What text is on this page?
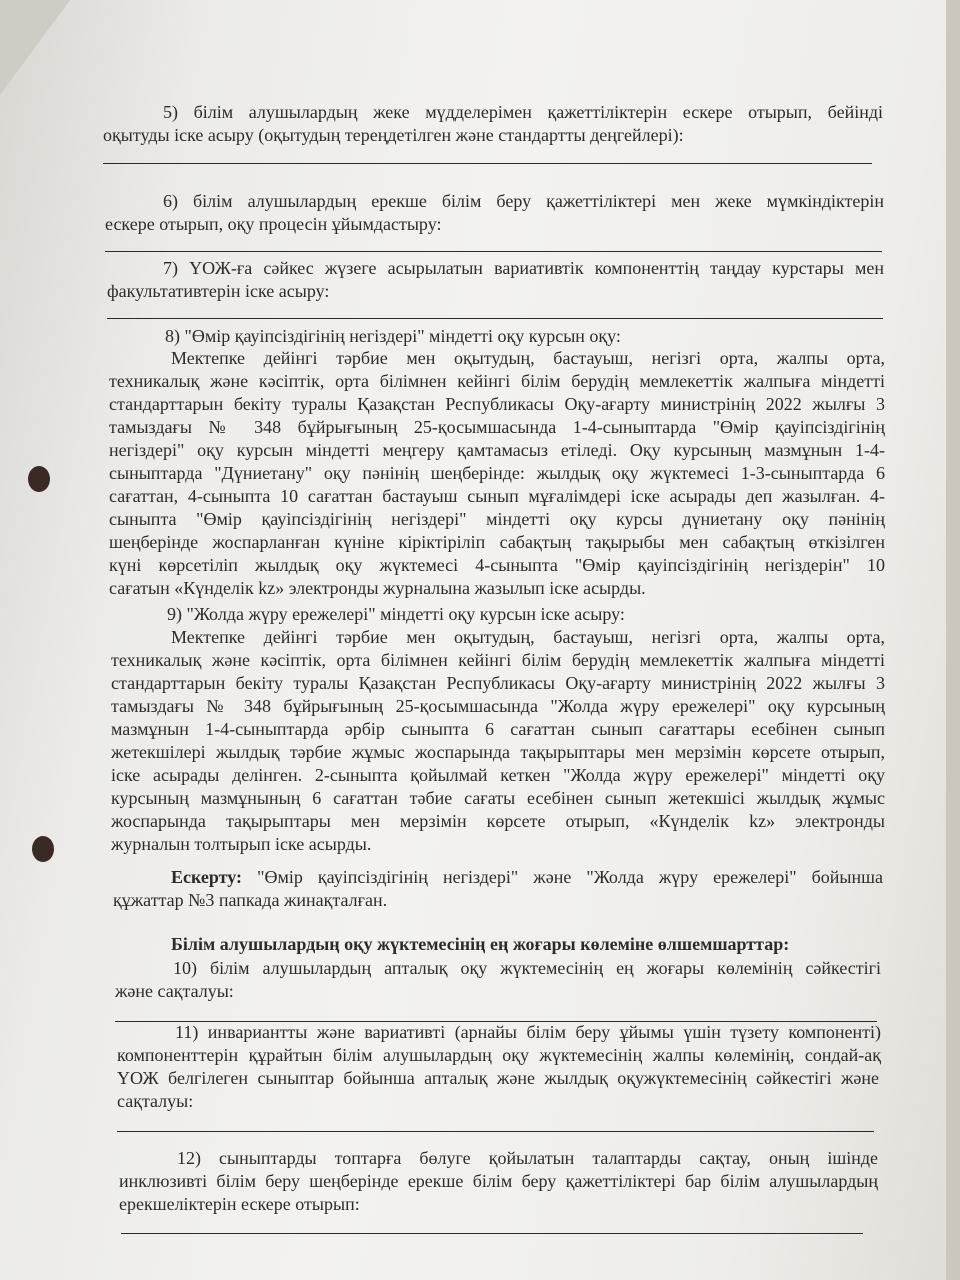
5) білім алушылардың жеке мүдделерімен қажеттіліктерін ескере отырып, бейінді

оқытуды іске асыру (оқытудың тереңдетілген және стандартты деңгейлері):

6) білім алушылардың ерекше білім беру қажеттіліктері мен жеке мүмкіндіктерін

ескере отырып, оқу процесін ұйымдастыру:

7) ҮОЖ-ға сәйкес жүзеге асырылатын вариативтік компоненттің таңдау курстары мен

факультативтерін іске асыру:

8) "Өмір қауіпсіздігінің негіздері" міндетті оқу курсын оқу:

Мектепке дейінгі тәрбие мен оқытудың, бастауыш, негізгі орта, жалпы орта,

техникалық және кәсіптік, орта білімнен кейінгі білім берудің мемлекеттік жалпыға міндетті

стандарттарын бекіту туралы Қазақстан Республикасы Оқу-ағарту министрінің 2022 жылғы 3

тамыздағы № 348 бұйрығының 25-қосымшасында 1-4-сыныптарда "Өмір қауіпсіздігінің

негіздері" оқу курсын міндетті меңгеру қамтамасыз етіледі. Оқу курсының мазмұнын 1-4-

сыныптарда "Дүниетану" оқу пәнінің шеңберінде: жылдық оқу жүктемесі 1-3-сыныптарда 6

сағаттан, 4-сыныпта 10 сағаттан бастауыш сынып мұғалімдері іске асырады деп жазылған. 4-

сыныпта "Өмір қауіпсіздігінің негіздері" міндетті оқу курсы дүниетану оқу пәнінің

шеңберінде жоспарланған күніне кіріктіріліп сабақтың тақырыбы мен сабақтың өткізілген

күні көрсетіліп жылдық оқу жүктемесі 4-сыныпта "Өмір қауіпсіздігінің негіздерін" 10

сағатын «Күнделік kz» электронды журналына жазылып іске асырды.

9) "Жолда жүру ережелері" міндетті оқу курсын іске асыру:

Мектепке дейінгі тәрбие мен оқытудың, бастауыш, негізгі орта, жалпы орта,

техникалық және кәсіптік, орта білімнен кейінгі білім берудің мемлекеттік жалпыға міндетті

стандарттарын бекіту туралы Қазақстан Республикасы Оқу-ағарту министрінің 2022 жылғы 3

тамыздағы № 348 бұйрығының 25-қосымшасында "Жолда жүру ережелері" оқу курсының

мазмұнын 1-4-сыныптарда әрбір сыныпта 6 сағаттан сынып сағаттары есебінен сынып

жетекшілері жылдық тәрбие жұмыс жоспарында тақырыптары мен мерзімін көрсете отырып,

іске асырады делінген. 2-сыныпта қойылмай кеткен "Жолда жүру ережелері" міндетті оқу

курсының мазмұнының 6 сағаттан тәбие сағаты есебінен сынып жетекшісі жылдық жұмыс

жоспарында тақырыптары мен мерзімін көрсете отырып, «Күнделік kz» электронды

журналын толтырып іске асырды.

Ескерту: "Өмір қауіпсіздігінің негіздері" және "Жолда жүру ережелері" бойынша

құжаттар №3 папкада жинақталған.

Білім алушылардың оқу жүктемесінің ең жоғары көлеміне өлшемшарттар:

10) білім алушылардың апталық оқу жүктемесінің ең жоғары көлемінің сәйкестігі

және сақталуы:

11) инвариантты және вариативті (арнайы білім беру ұйымы үшін түзету компоненті)

компоненттерін құрайтын білім алушылардың оқу жүктемесінің жалпы көлемінің, сондай-ақ

ҮОЖ белгілеген сыныптар бойынша апталық және жылдық оқужүктемесінің сәйкестігі және

сақталуы:

12) сыныптарды топтарға бөлуге қойылатын талаптарды сақтау, оның ішінде

инклюзивті білім беру шеңберінде ерекше білім беру қажеттіліктері бар білім алушылардың

ерекшеліктерін ескере отырып:
